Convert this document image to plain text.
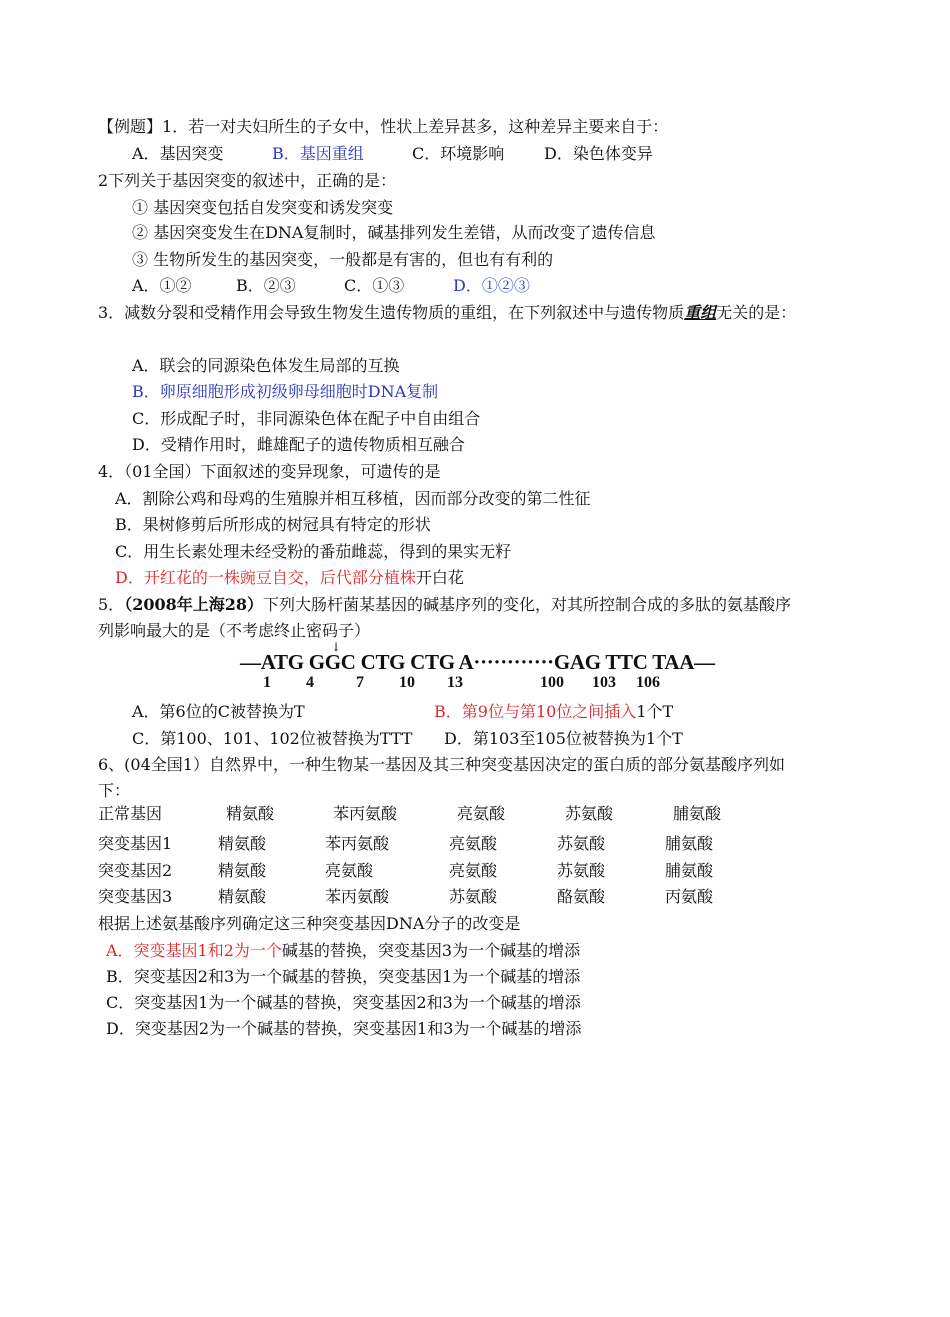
【例题】1．若一对夫妇所生的子女中，性状上差异甚多，这种差异主要来自于：
A．基因突变	B．基因重组	C．环境影响 D．染色体变异
2下列关于基因突变的叙述中，正确的是：
① 基因突变包括自发突变和诱发突变
② 基因突变发生在DNA复制时，碱基排列发生差错，从而改变了遗传信息
③ 生物所发生的基因突变，一般都是有害的，但也有有利的
A．①②	B．②③	C．①③	D．①②③
3．减数分裂和受精作用会导致生物发生遗传物质的重组，在下列叙述中与遗传物质重组无关的是：
A．联会的同源染色体发生局部的互换
B．卵原细胞形成初级卵母细胞时DNA复制
C．形成配子时，非同源染色体在配子中自由组合
D．受精作用时，雌雄配子的遗传物质相互融合
4．（01全国）下面叙述的变异现象，可遗传的是
A．割除公鸡和母鸡的生殖腺并相互移植，因而部分改变的第二性征
B．果树修剪后所形成的树冠具有特定的形状
C．用生长素处理未经受粉的番茄雌蕊，得到的果实无籽
D．开红花的一株豌豆自交，后代部分植株开白花
5．（2008年上海28）下列大肠杆菌某基因的碱基序列的变化，对其所控制合成的多肽的氨基酸序
列影响最大的是（不考虑终止密码子）
↓
—ATG GGC CTG CTG A············GAG TTC TAA—
1 4	7 10 13	100 103 106
A．第6位的C被替换为T	B．第9位与第10位之间插入1个T
C．第100、101、102位被替换为TTT D．第103至105位被替换为1个T
6、(04全国1）自然界中，一种生物某一基因及其三种突变基因决定的蛋白质的部分氨基酸序列如
下：
正常基因	精氨酸	苯丙氨酸	亮氨酸	苏氨酸	脯氨酸
突变基因1	精氨酸	苯丙氨酸	亮氨酸	苏氨酸	脯氨酸
突变基因2	精氨酸	亮氨酸	亮氨酸	苏氨酸	脯氨酸
突变基因3	精氨酸	苯丙氨酸	苏氨酸	酪氨酸	丙氨酸
根据上述氨基酸序列确定这三种突变基因DNA分子的改变是
A．突变基因1和2为一个碱基的替换，突变基因3为一个碱基的增添
B．突变基因2和3为一个碱基的替换，突变基因1为一个碱基的增添
C．突变基因1为一个碱基的替换，突变基因2和3为一个碱基的增添
D．突变基因2为一个碱基的替换，突变基因1和3为一个碱基的增添
